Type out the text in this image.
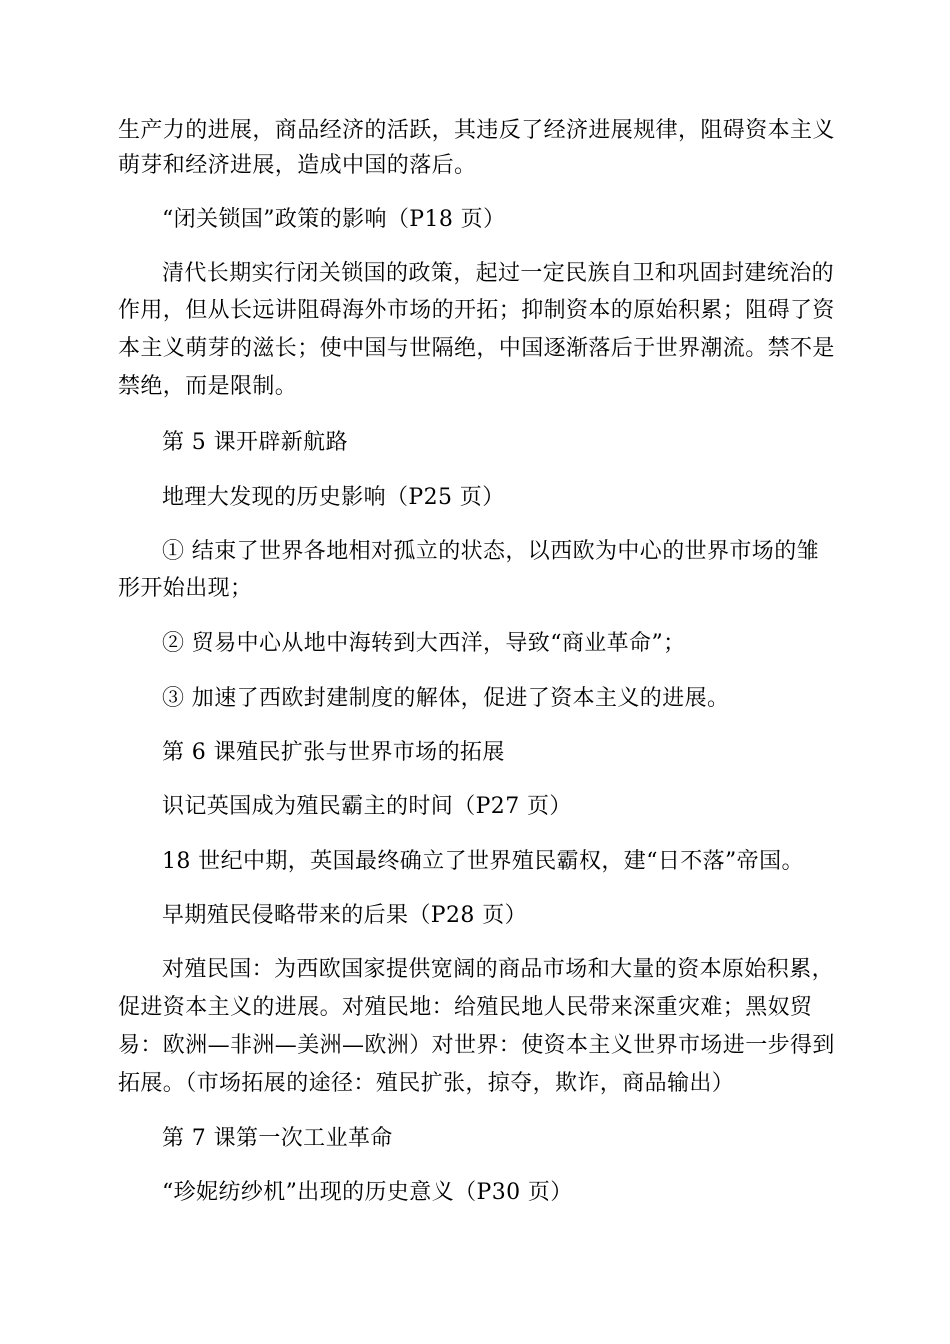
生产力的进展，商品经济的活跃，其违反了经济进展规律，阻碍资本主义
萌芽和经济进展，造成中国的落后。
“闭关锁国”政策的影响（P18 页）
清代长期实行闭关锁国的政策，起过一定民族自卫和巩固封建统治的
作用，但从长远讲阻碍海外市场的开拓；抑制资本的原始积累；阻碍了资
本主义萌芽的滋长；使中国与世隔绝，中国逐渐落后于世界潮流。禁不是
禁绝，而是限制。
第 5 课开辟新航路
地理大发现的历史影响（P25 页）
① 结束了世界各地相对孤立的状态，以西欧为中心的世界市场的雏
形开始出现；
② 贸易中心从地中海转到大西洋，导致“商业革命”；
③ 加速了西欧封建制度的解体，促进了资本主义的进展。
第 6 课殖民扩张与世界市场的拓展
识记英国成为殖民霸主的时间（P27 页）
18 世纪中期，英国最终确立了世界殖民霸权，建“日不落”帝国。
早期殖民侵略带来的后果（P28 页）
对殖民国：为西欧国家提供宽阔的商品市场和大量的资本原始积累，
促进资本主义的进展。对殖民地：给殖民地人民带来深重灾难；黑奴贸
易：欧洲—非洲—美洲—欧洲）对世界：使资本主义世界市场进一步得到
拓展。（市场拓展的途径：殖民扩张，掠夺，欺诈，商品输出）
第 7 课第一次工业革命
“珍妮纺纱机”出现的历史意义（P30 页）
